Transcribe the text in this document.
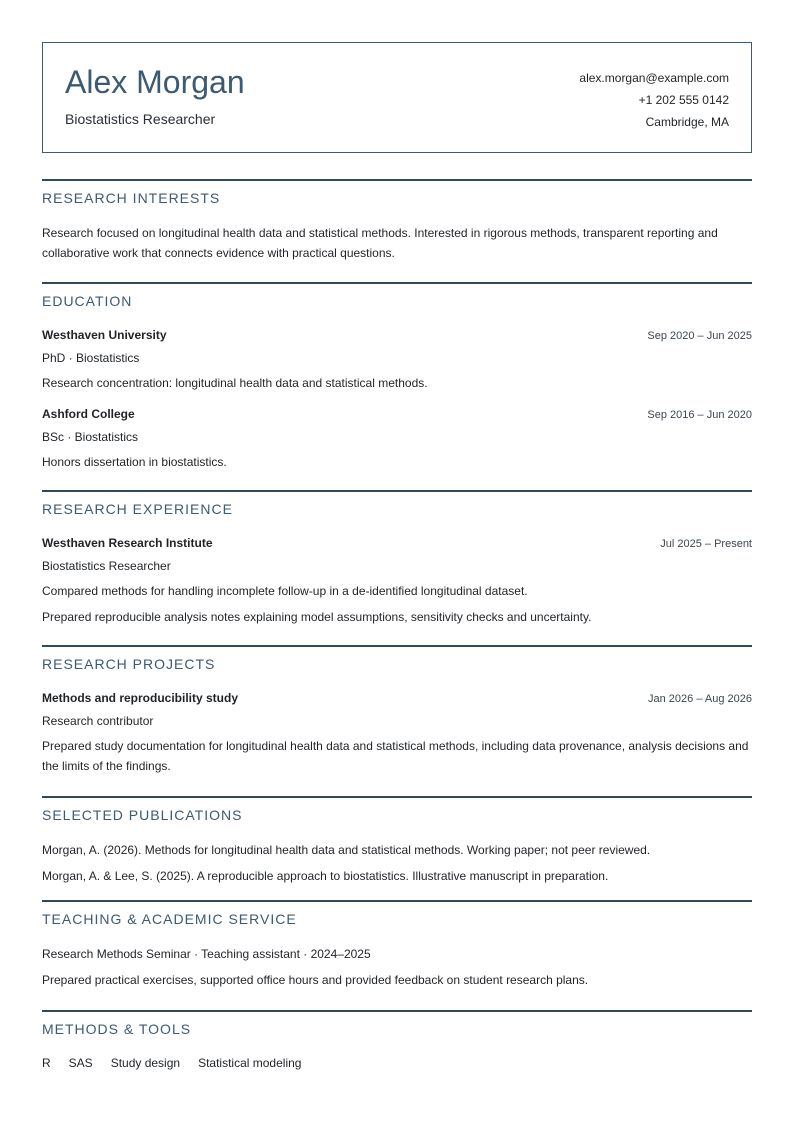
Alex Morgan
Biostatistics Researcher
alex.morgan@example.com
+1 202 555 0142
Cambridge, MA
RESEARCH INTERESTS
Research focused on longitudinal health data and statistical methods. Interested in rigorous methods, transparent reporting and collaborative work that connects evidence with practical questions.
EDUCATION
Westhaven University	Sep 2020 – Jun 2025
PhD · Biostatistics
Research concentration: longitudinal health data and statistical methods.
Ashford College	Sep 2016 – Jun 2020
BSc · Biostatistics
Honors dissertation in biostatistics.
RESEARCH EXPERIENCE
Westhaven Research Institute	Jul 2025 – Present
Biostatistics Researcher
Compared methods for handling incomplete follow-up in a de-identified longitudinal dataset.
Prepared reproducible analysis notes explaining model assumptions, sensitivity checks and uncertainty.
RESEARCH PROJECTS
Methods and reproducibility study	Jan 2026 – Aug 2026
Research contributor
Prepared study documentation for longitudinal health data and statistical methods, including data provenance, analysis decisions and the limits of the findings.
SELECTED PUBLICATIONS
Morgan, A. (2026). Methods for longitudinal health data and statistical methods. Working paper; not peer reviewed.
Morgan, A. & Lee, S. (2025). A reproducible approach to biostatistics. Illustrative manuscript in preparation.
TEACHING & ACADEMIC SERVICE
Research Methods Seminar · Teaching assistant · 2024–2025
Prepared practical exercises, supported office hours and provided feedback on student research plans.
METHODS & TOOLS
R SAS Study design Statistical modeling
